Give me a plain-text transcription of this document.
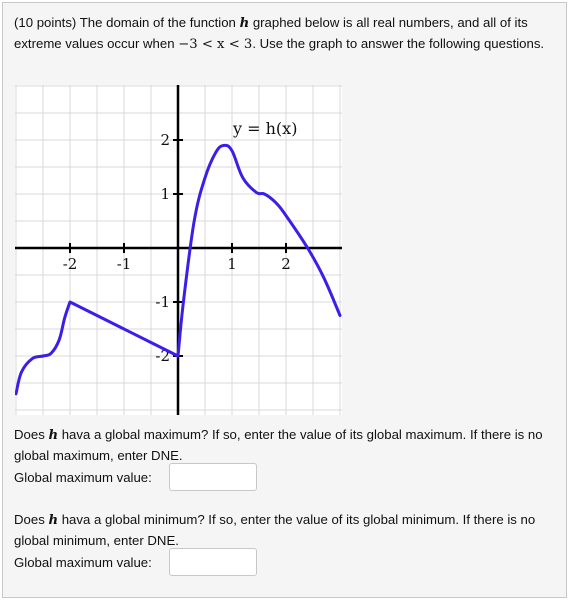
(10 points) The domain of the function h graphed below is all real numbers, and all of its extreme values occur when −3 < x < 3. Use the graph to answer the following questions.
-2	-1	1	2
2
1
-1
-2
y = h(x)
Does h hava a global maximum? If so, enter the value of its global maximum. If there is no global maximum, enter DNE.
Global maximum value:
Does h hava a global minimum? If so, enter the value of its global minimum. If there is no global minimum, enter DNE.
Global maximum value:
